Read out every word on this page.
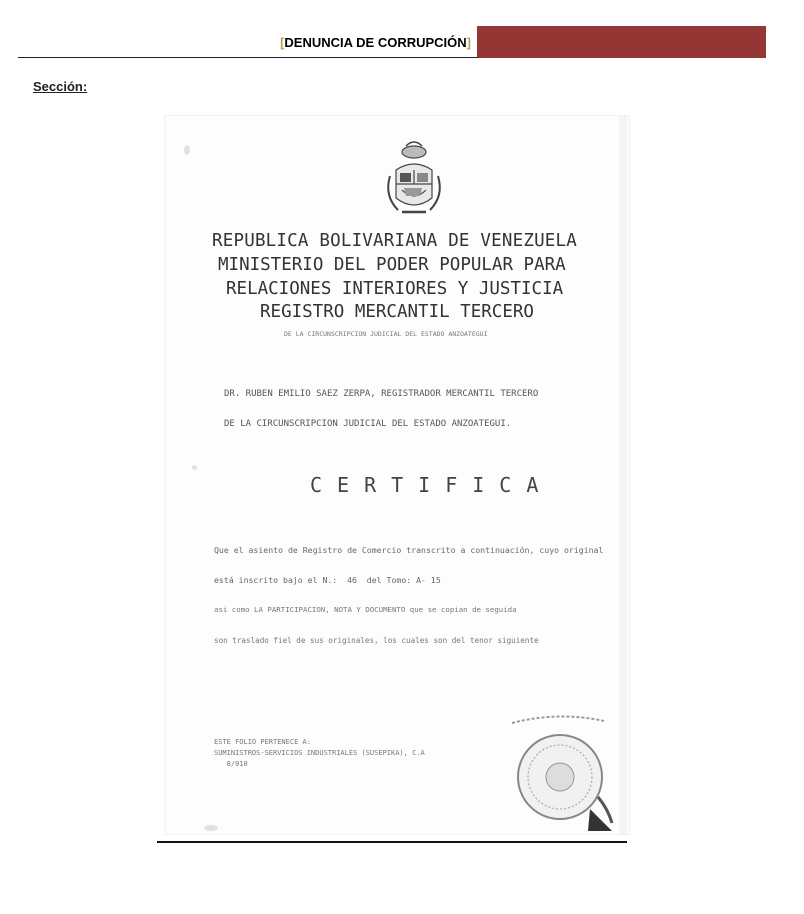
[DENUNCIA DE CORRUPCIÓN]
Sección:
REPUBLICA BOLIVARIANA DE VENEZUELA
MINISTERIO DEL PODER POPULAR PARA
RELACIONES INTERIORES Y JUSTICIA
REGISTRO MERCANTIL TERCERO
DE LA CIRCUNSCRIPCION JUDICIAL DEL ESTADO ANZOATEGUI
DR. RUBEN EMILIO SAEZ ZERPA, REGISTRADOR MERCANTIL TERCERO
DE LA CIRCUNSCRIPCION JUDICIAL DEL ESTADO ANZOATEGUI.
CERTIFICA
Que el asiento de Registro de Comercio transcrito a continuación, cuyo original
está inscrito bajo el N.:  46  del Tomo: A- 15
así como LA PARTICIPACION, NOTA Y DOCUMENTO que se copian de seguida
son traslado fiel de sus originales, los cuales son del tenor siguiente
ESTE FOLIO PERTENECE A:
SUMINISTROS-SERVICIOS INDUSTRIALES (SUSEPIKA), C.A
8/010
